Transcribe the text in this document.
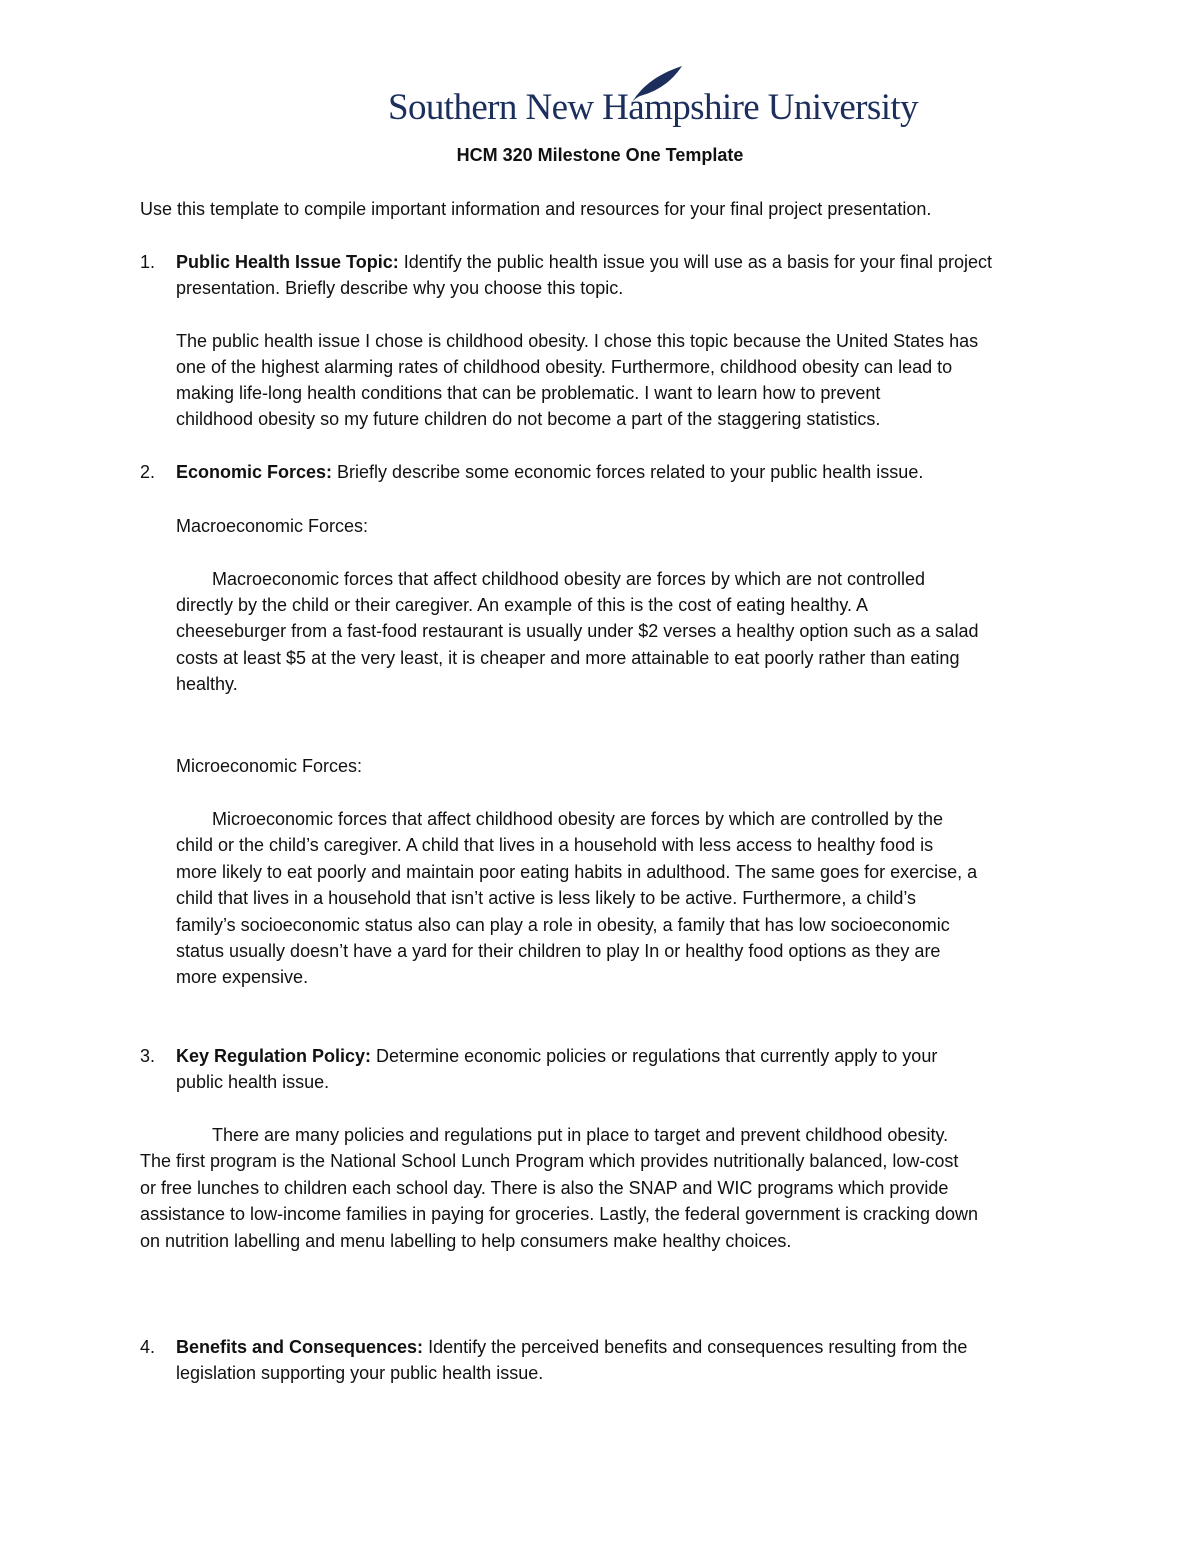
Southern New Hampshire University
HCM 320 Milestone One Template
Use this template to compile important information and resources for your final project presentation.
1. Public Health Issue Topic: Identify the public health issue you will use as a basis for your final project
presentation. Briefly describe why you choose this topic.
The public health issue I chose is childhood obesity. I chose this topic because the United States has
one of the highest alarming rates of childhood obesity. Furthermore, childhood obesity can lead to
making life-long health conditions that can be problematic. I want to learn how to prevent
childhood obesity so my future children do not become a part of the staggering statistics.
2. Economic Forces: Briefly describe some economic forces related to your public health issue.
Macroeconomic Forces:
Macroeconomic forces that affect childhood obesity are forces by which are not controlled
directly by the child or their caregiver. An example of this is the cost of eating healthy. A
cheeseburger from a fast-food restaurant is usually under $2 verses a healthy option such as a salad
costs at least $5 at the very least, it is cheaper and more attainable to eat poorly rather than eating
healthy.
Microeconomic Forces:
Microeconomic forces that affect childhood obesity are forces by which are controlled by the
child or the child’s caregiver. A child that lives in a household with less access to healthy food is
more likely to eat poorly and maintain poor eating habits in adulthood. The same goes for exercise, a
child that lives in a household that isn’t active is less likely to be active. Furthermore, a child’s
family’s socioeconomic status also can play a role in obesity, a family that has low socioeconomic
status usually doesn’t have a yard for their children to play In or healthy food options as they are
more expensive.
3. Key Regulation Policy: Determine economic policies or regulations that currently apply to your
public health issue.
There are many policies and regulations put in place to target and prevent childhood obesity.
The first program is the National School Lunch Program which provides nutritionally balanced, low-cost
or free lunches to children each school day. There is also the SNAP and WIC programs which provide
assistance to low-income families in paying for groceries. Lastly, the federal government is cracking down
on nutrition labelling and menu labelling to help consumers make healthy choices.
4. Benefits and Consequences: Identify the perceived benefits and consequences resulting from the
legislation supporting your public health issue.
